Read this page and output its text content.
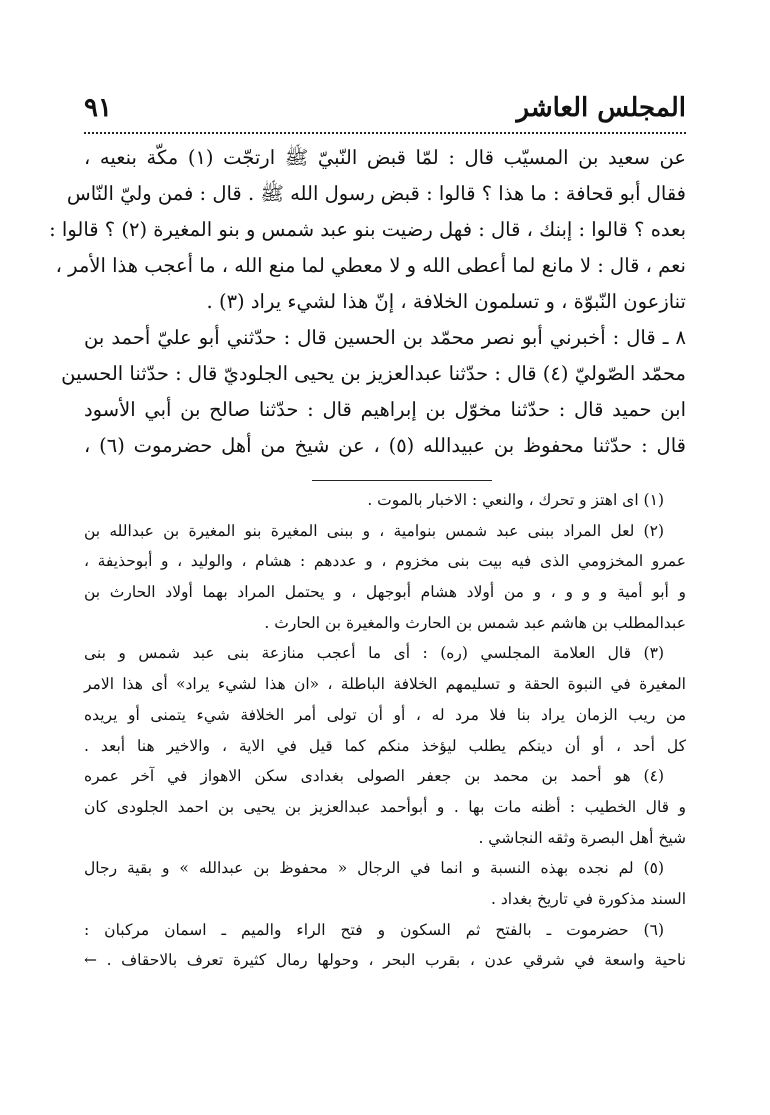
المجلس العاشر
٩١
عن سعيد بن المسيّب قال : لمّا قبض النّبيّ ﷺ ارتجّت (١) مكّة بنعيه ،
فقال أبو قحافة : ما هذا ؟ قالوا : قبض رسول الله ﷺ . قال : فمن وليّ النّاس
بعده ؟ قالوا : إبنك ، قال : فهل رضيت بنو عبد شمس و بنو المغيرة (٢) ؟ قالوا :
نعم ، قال : لا مانع لما أعطى الله و لا معطي لما منع الله ، ما أعجب هذا الأمر ،
تنازعون النّبوّة ، و تسلمون الخلافة ، إنّ هذا لشيء يراد (٣) .
٨ ـ قال : أخبرني أبو نصر محمّد بن الحسين قال : حدّثني أبو عليّ أحمد بن
محمّد الصّوليّ (٤) قال : حدّثنا عبدالعزيز بن يحيى الجلوديّ قال : حدّثنا الحسين
ابن حميد قال : حدّثنا مخوّل بن إبراهيم قال : حدّثنا صالح بن أبي الأسود
قال : حدّثنا محفوظ بن عبيدالله (٥) ، عن شيخ من أهل حضرموت (٦) ،
(١) اى اهتز و تحرك ، والنعي : الاخبار بالموت .
(٢) لعل المراد ببنى عبد شمس بنوامية ، و ببنى المغيرة بنو المغيرة بن عبدالله بن
عمرو المخزومي الذى فيه بيت بنى مخزوم ، و عددهم : هشام ، والوليد ، و أبوحذيفة ،
و أبو أمية و و و ، و من أولاد هشام أبوجهل ، و يحتمل المراد بهما أولاد الحارث بن
عبدالمطلب بن هاشم عبد شمس بن الحارث والمغيرة بن الحارث .
(٣) قال العلامة المجلسي (ره) : أى ما أعجب منازعة بنى عبد شمس و بنى
المغيرة في النبوة الحقة و تسليمهم الخلافة الباطلة ، «ان هذا لشيء يراد» أى هذا الامر
من ريب الزمان يراد بنا فلا مرد له ، أو أن تولى أمر الخلافة شيء يتمنى أو يريده
كل أحد ، أو أن دينكم يطلب ليؤخذ منكم كما قيل في الاية ، والاخير هنا أبعد .
(٤) هو أحمد بن محمد بن جعفر الصولى بغدادى سكن الاهواز في آخر عمره
و قال الخطيب : أظنه مات بها . و أبوأحمد عبدالعزيز بن يحيى بن احمد الجلودى كان
شيخ أهل البصرة وثقه النجاشي .
(٥) لم نجده بهذه النسبة و انما في الرجال « محفوظ بن عبدالله » و بقية رجال
السند مذكورة في تاريخ بغداد .
(٦) حضرموت ـ بالفتح ثم السكون و فتح الراء والميم ـ اسمان مركبان :
ناحية واسعة في شرقي عدن ، بقرب البحر ، وحولها رمال كثيرة تعرف بالاحقاف . ←
